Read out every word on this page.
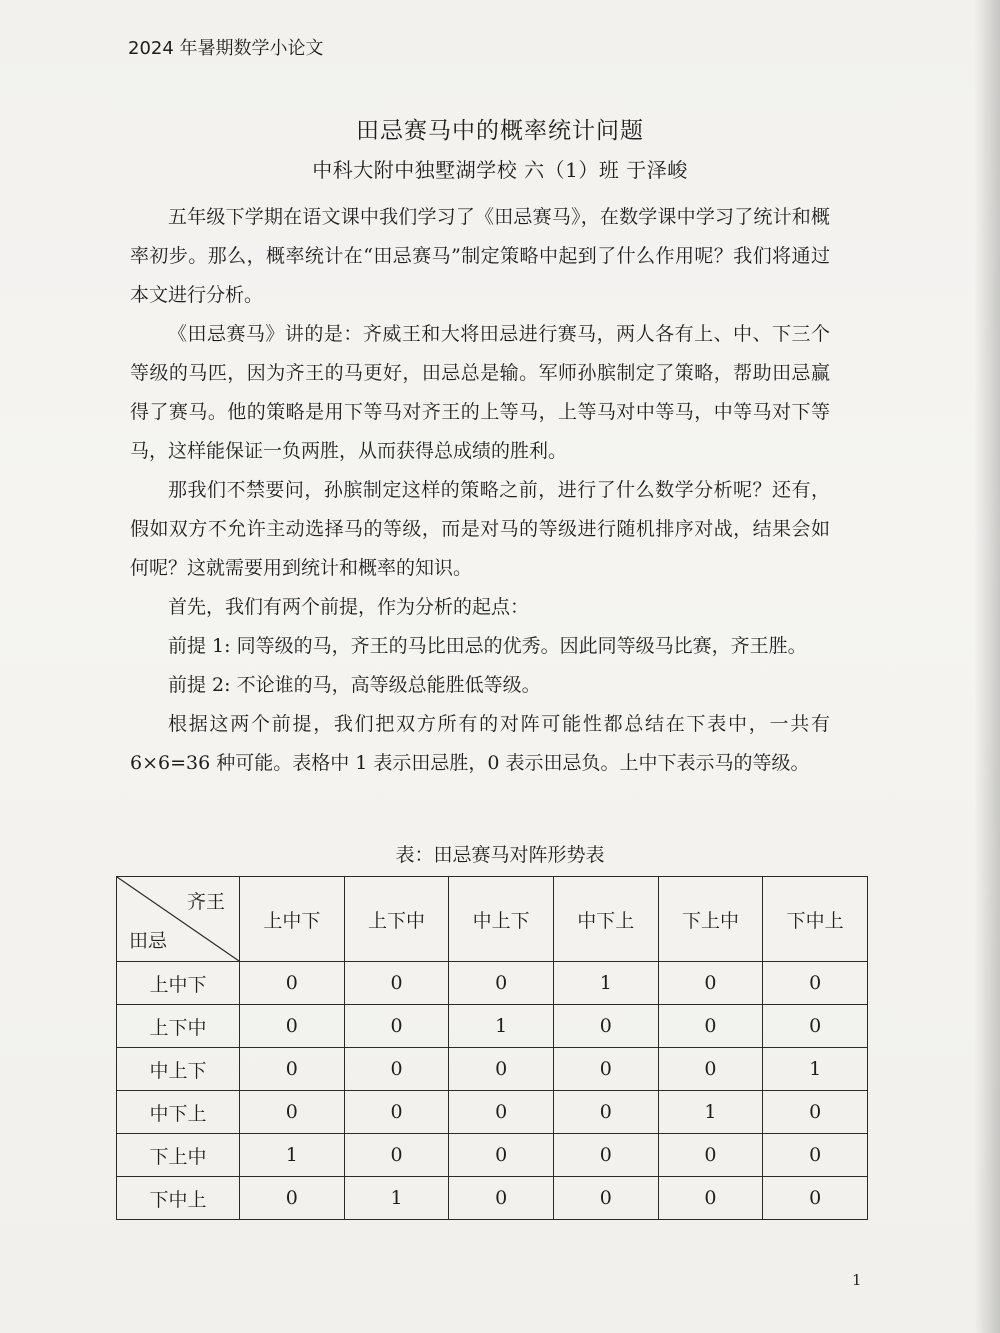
2024 年暑期数学小论文
田忌赛马中的概率统计问题
中科大附中独墅湖学校 六（1）班 于泽峻

五年级下学期在语文课中我们学习了《田忌赛马》，在数学课中学习了统计和概率初步。那么，概率统计在“田忌赛马”制定策略中起到了什么作用呢？我们将通过本文进行分析。

《田忌赛马》讲的是：齐威王和大将田忌进行赛马，两人各有上、中、下三个等级的马匹，因为齐王的马更好，田忌总是输。军师孙膑制定了策略，帮助田忌赢得了赛马。他的策略是用下等马对齐王的上等马，上等马对中等马，中等马对下等马，这样能保证一负两胜，从而获得总成绩的胜利。

那我们不禁要问，孙膑制定这样的策略之前，进行了什么数学分析呢？还有，假如双方不允许主动选择马的等级，而是对马的等级进行随机排序对战，结果会如何呢？这就需要用到统计和概率的知识。

首先，我们有两个前提，作为分析的起点：

前提 1: 同等级的马，齐王的马比田忌的优秀。因此同等级马比赛，齐王胜。

前提 2: 不论谁的马，高等级总能胜低等级。

根据这两个前提，我们把双方所有的对阵可能性都总结在下表中，一共有 6×6=36 种可能。表格中 1 表示田忌胜，0 表示田忌负。上中下表示马的等级。

表：田忌赛马对阵形势表
齐王
田忌	上中下	上下中	中上下	中下上	下上中	下中上
上中下	0	0	0	1	0	0
上下中	0	0	1	0	0	0
中上下	0	0	0	0	0	1
中下上	0	0	0	0	1	0
下上中	1	0	0	0	0	0
下中上	0	1	0	0	0	0
1
